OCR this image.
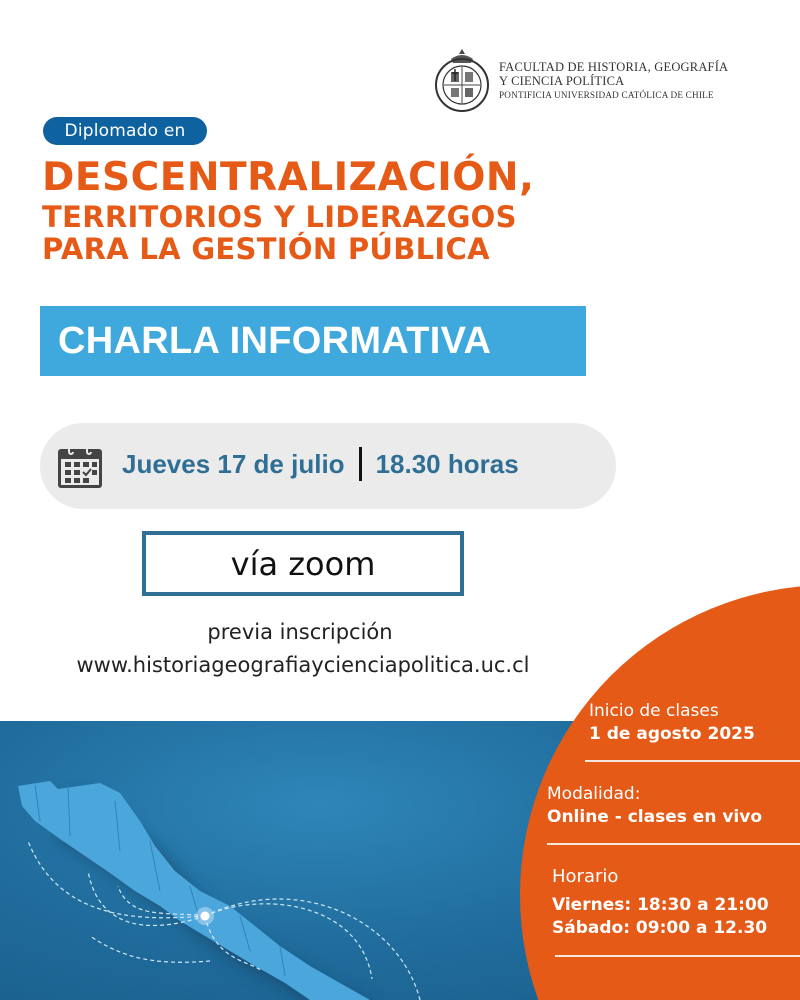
FACULTAD DE HISTORIA, GEOGRAFÍA
Y CIENCIA POLÍTICA
PONTIFICIA UNIVERSIDAD CATÓLICA DE CHILE
Diplomado en
DESCENTRALIZACIÓN,
TERRITORIOS Y LIDERAZGOS
PARA LA GESTIÓN PÚBLICA
CHARLA INFORMATIVA
Jueves 17 de julio 18.30 horas
vía zoom
previa inscripción
www.historiageografiaycienciapolitica.uc.cl
Inicio de clases
1 de agosto 2025
Modalidad:
Online - clases en vivo
Horario
Viernes: 18:30 a 21:00
Sábado: 09:00 a 12.30
